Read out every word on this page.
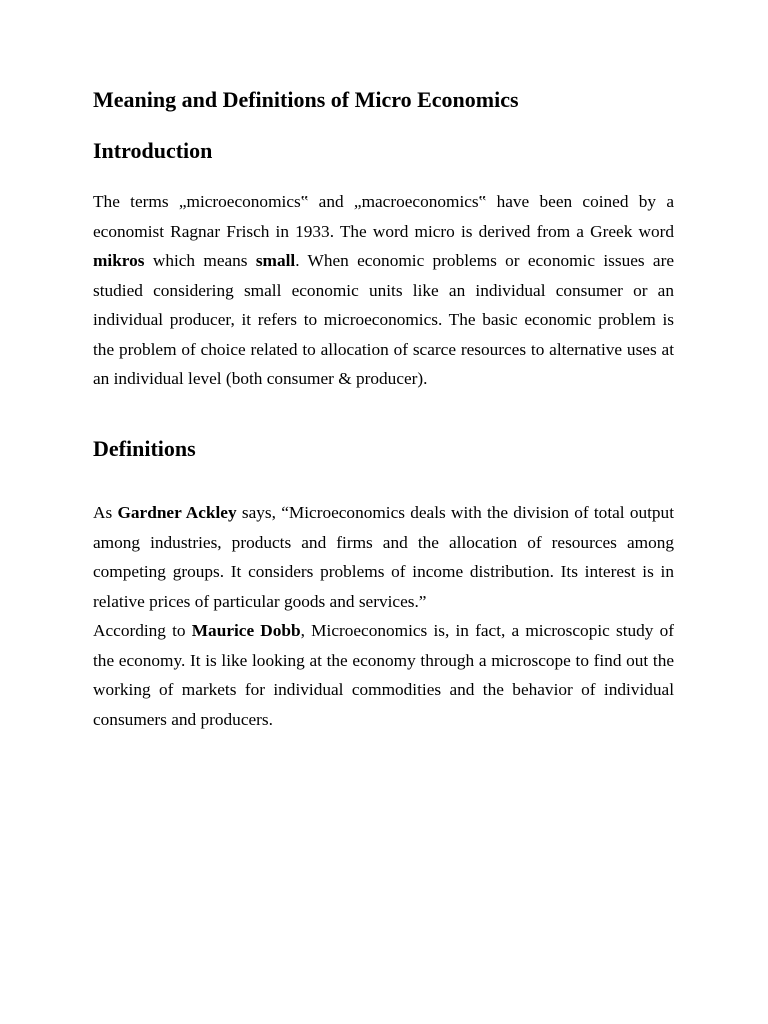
Meaning and Definitions of Micro Economics
Introduction

The terms „microeconomics‟ and „macroeconomics‟ have been coined by a economist Ragnar Frisch in 1933. The word micro is derived from a Greek word mikros which means small. When economic problems or economic issues are studied considering small economic units like an individual consumer or an individual producer, it refers to microeconomics. The basic economic problem is the problem of choice related to allocation of scarce resources to alternative uses at an individual level (both consumer & producer).

Definitions

As Gardner Ackley says, “Microeconomics deals with the division of total output among industries, products and firms and the allocation of resources among competing groups. It considers problems of income distribution. Its interest is in relative prices of particular goods and services.”

According to Maurice Dobb, Microeconomics is, in fact, a microscopic study of the economy. It is like looking at the economy through a microscope to find out the working of markets for individual commodities and the behavior of individual consumers and producers.
